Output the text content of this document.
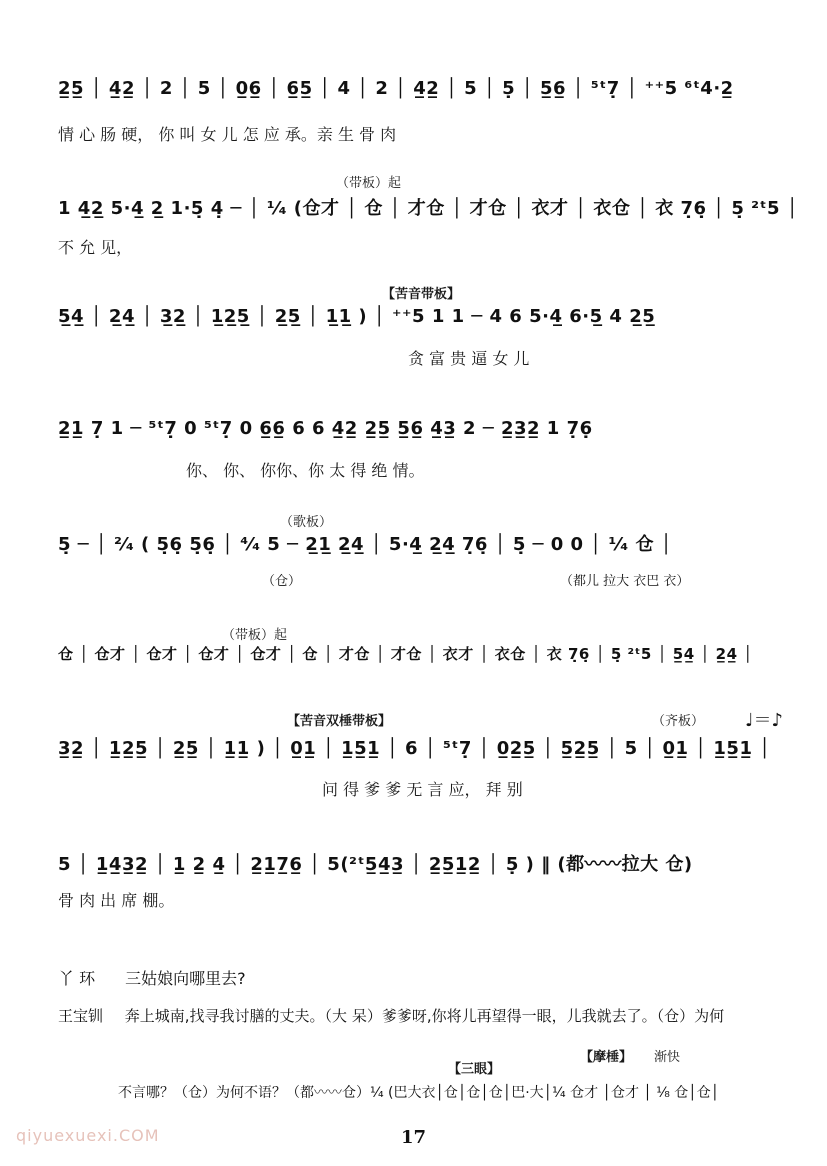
2̲5̲ │ 4̲2̲ │ 2 │ 5 │ 0̲6̲ │ 6̲5̲ │ 4 │ 2 │ 4̲2̲ │ 5 │ 5̣ │ 5̲6̲ │ ⁵ᵗ7̣ │ ⁺⁺5 ⁶ᵗ4·2̲
情 心 肠 硬， 你 叫 女 儿 怎 应 承。亲 生 骨 肉
（带板）起
1 4̲2̲ 5·4̲ 2̲ 1·5̣ 4̣ ─ │ ¹⁄₄ (仓才 │ 仓 │ 才仓 │ 才仓 │ 衣才 │ 衣仓 │ 衣 7̣6̣ │ 5̣ ²ᵗ5 │
不 允 见，
【苦音带板】
5̲4̲ │ 2̲4̲ │ 3̲2̲ │ 1̲2̲5̲ │ 2̲5̲ │ 1̲1̲ ) │ ⁺⁺5 1 1 ─ 4 6 5·4̲ 6·5̲ 4 2̲5̲
贪 富 贵 逼 女 儿
2̲1̲ 7̣ 1 ─ ⁵ᵗ7̣ 0 ⁵ᵗ7̣ 0 6̲6̲ 6 6 4̲2̲ 2̲5̲ 5̲6̲ 4̲3̲ 2 ─ 2̲3̲2̲ 1 7̣6̣
你、 你、 你你、你 太 得 绝 情。
（歌板）
5̣ ─ │ ²⁄₄ ( 5̣6̣ 5̣6̣ │ ⁴⁄₄ 5 ─ 2̲1̲ 2̲4̲ │ 5·4̲ 2̲4̲ 7̣6̣ │ 5̣ ─ 0 0 │ ¹⁄₄ 仓 │
（仓）	（都儿 拉大 衣巴 衣）
（带板）起
仓 │ 仓才 │ 仓才 │ 仓才 │ 仓才 │ 仓 │ 才仓 │ 才仓 │ 衣才 │ 衣仓 │ 衣 7̣6̣ │ 5̣ ²ᵗ5 │ 5̲4̲ │ 2̲4̲ │
【苦音双棰带板】	（齐板）	♩＝♪
3̲2̲ │ 1̲2̲5̲ │ 2̲5̲ │ 1̲1̲ ) │ 0̲1̲ │ 1̲5̲1̲ │ 6 │ ⁵ᵗ7̣ │ 0̲2̲5̲ │ 5̲2̲5̲ │ 5 │ 0̲1̲ │ 1̲5̲1̲ │
问 得 爹 爹 无 言 应， 拜 别
5 │ 1̲4̲3̲2̲ │ 1̲ 2̲ 4̲ │ 2̲1̲7̲6̲ │ 5(²ᵗ5̲4̲3̲ │ 2̲5̲1̲2̲ │ 5̣ ) ‖ (都〰〰拉大 仓)
骨 肉 出 席 棚。
丫 环 三姑娘向哪里去?
王宝钏 奔上城南,找寻我讨膳的丈夫。（大 呆）爹爹呀,你将儿再望得一眼，儿我就去了。（仓）为何
【三眼】
【摩棰】	渐快
不言哪？（仓）为何不语？（都〰〰仓）¹⁄₄ (巴大衣│仓│仓│仓│巴·大│¹⁄₄ 仓才 │仓才 │ ¹⁄₈ 仓│仓│
17
qiyuexuexi.COM
